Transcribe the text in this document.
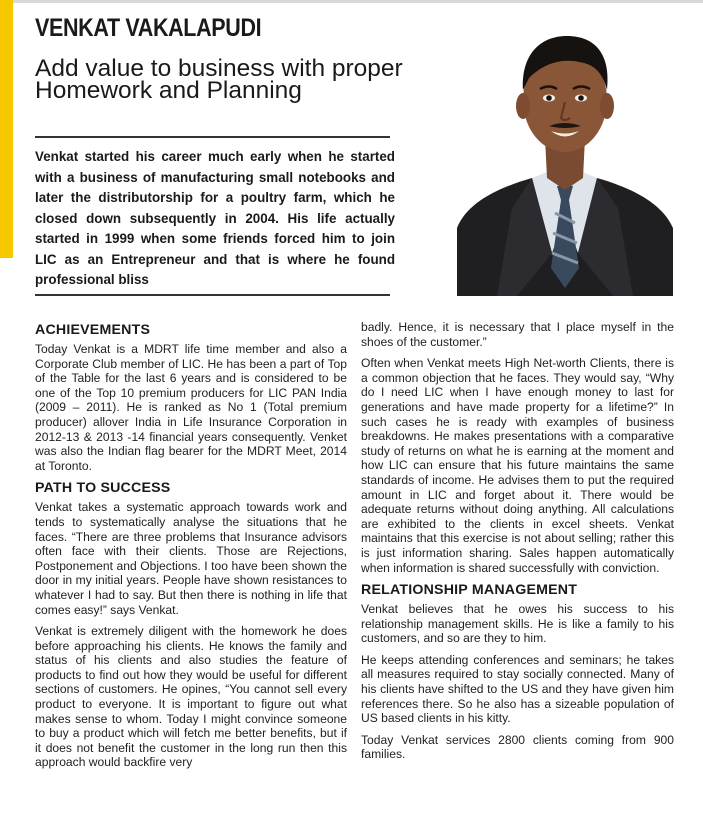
VENKAT VAKALAPUDI
Add value to business with proper
Homework and Planning
Venkat started his career much early when he started with a business of manufacturing small notebooks and later the distributorship for a poultry farm, which he closed down subsequently in 2004. His life actually started in 1999 when some friends forced him to join LIC as an Entrepreneur and that is where he found professional bliss
ACHIEVEMENTS

Today Venkat is a MDRT life time member and also a Corporate Club member of LIC. He has been a part of Top of the Table for the last 6 years and is considered to be one of the Top 10 premium producers for LIC PAN India (2009 – 2011). He is ranked as No 1 (Total premium producer) allover India in Life Insurance Corporation in 2012-13 & 2013 -14 financial years consequently. Venket was also the Indian flag bearer for the MDRT Meet, 2014 at Toronto.

PATH TO SUCCESS

Venkat takes a systematic approach towards work and tends to systematically analyse the situations that he faces. “There are three problems that Insurance advisors often face with their clients. Those are Rejections, Postponement and Objections. I too have been shown the door in my initial years. People have shown resistances to whatever I had to say. But then there is nothing in life that comes easy!” says Venkat.

Venkat is extremely diligent with the homework he does before approaching his clients. He knows the family and status of his clients and also studies the feature of products to find out how they would be useful for different sections of customers. He opines, “You cannot sell every product to everyone. It is important to figure out what makes sense to whom. Today I might convince someone to buy a product which will fetch me better benefits, but if it does not benefit the customer in the long run then this approach would backfire very

badly. Hence, it is necessary that I place myself in the shoes of the customer.”

Often when Venkat meets High Net-worth Clients, there is a common objection that he faces. They would say, “Why do I need LIC when I have enough money to last for generations and have made property for a lifetime?” In such cases he is ready with examples of business breakdowns. He makes presentations with a comparative study of returns on what he is earning at the moment and how LIC can ensure that his future maintains the same standards of income. He advises them to put the required amount in LIC and forget about it. There would be adequate returns without doing anything. All calculations are exhibited to the clients in excel sheets. Venkat maintains that this exercise is not about selling; rather this is just information sharing. Sales happen automatically when information is shared successfully with conviction.

RELATIONSHIP MANAGEMENT

Venkat believes that he owes his success to his relationship management skills. He is like a family to his customers, and so are they to him.

He keeps attending conferences and seminars; he takes all measures required to stay socially connected. Many of his clients have shifted to the US and they have given him references there. So he also has a sizeable population of US based clients in his kitty.

Today Venkat services 2800 clients coming from 900 families.
